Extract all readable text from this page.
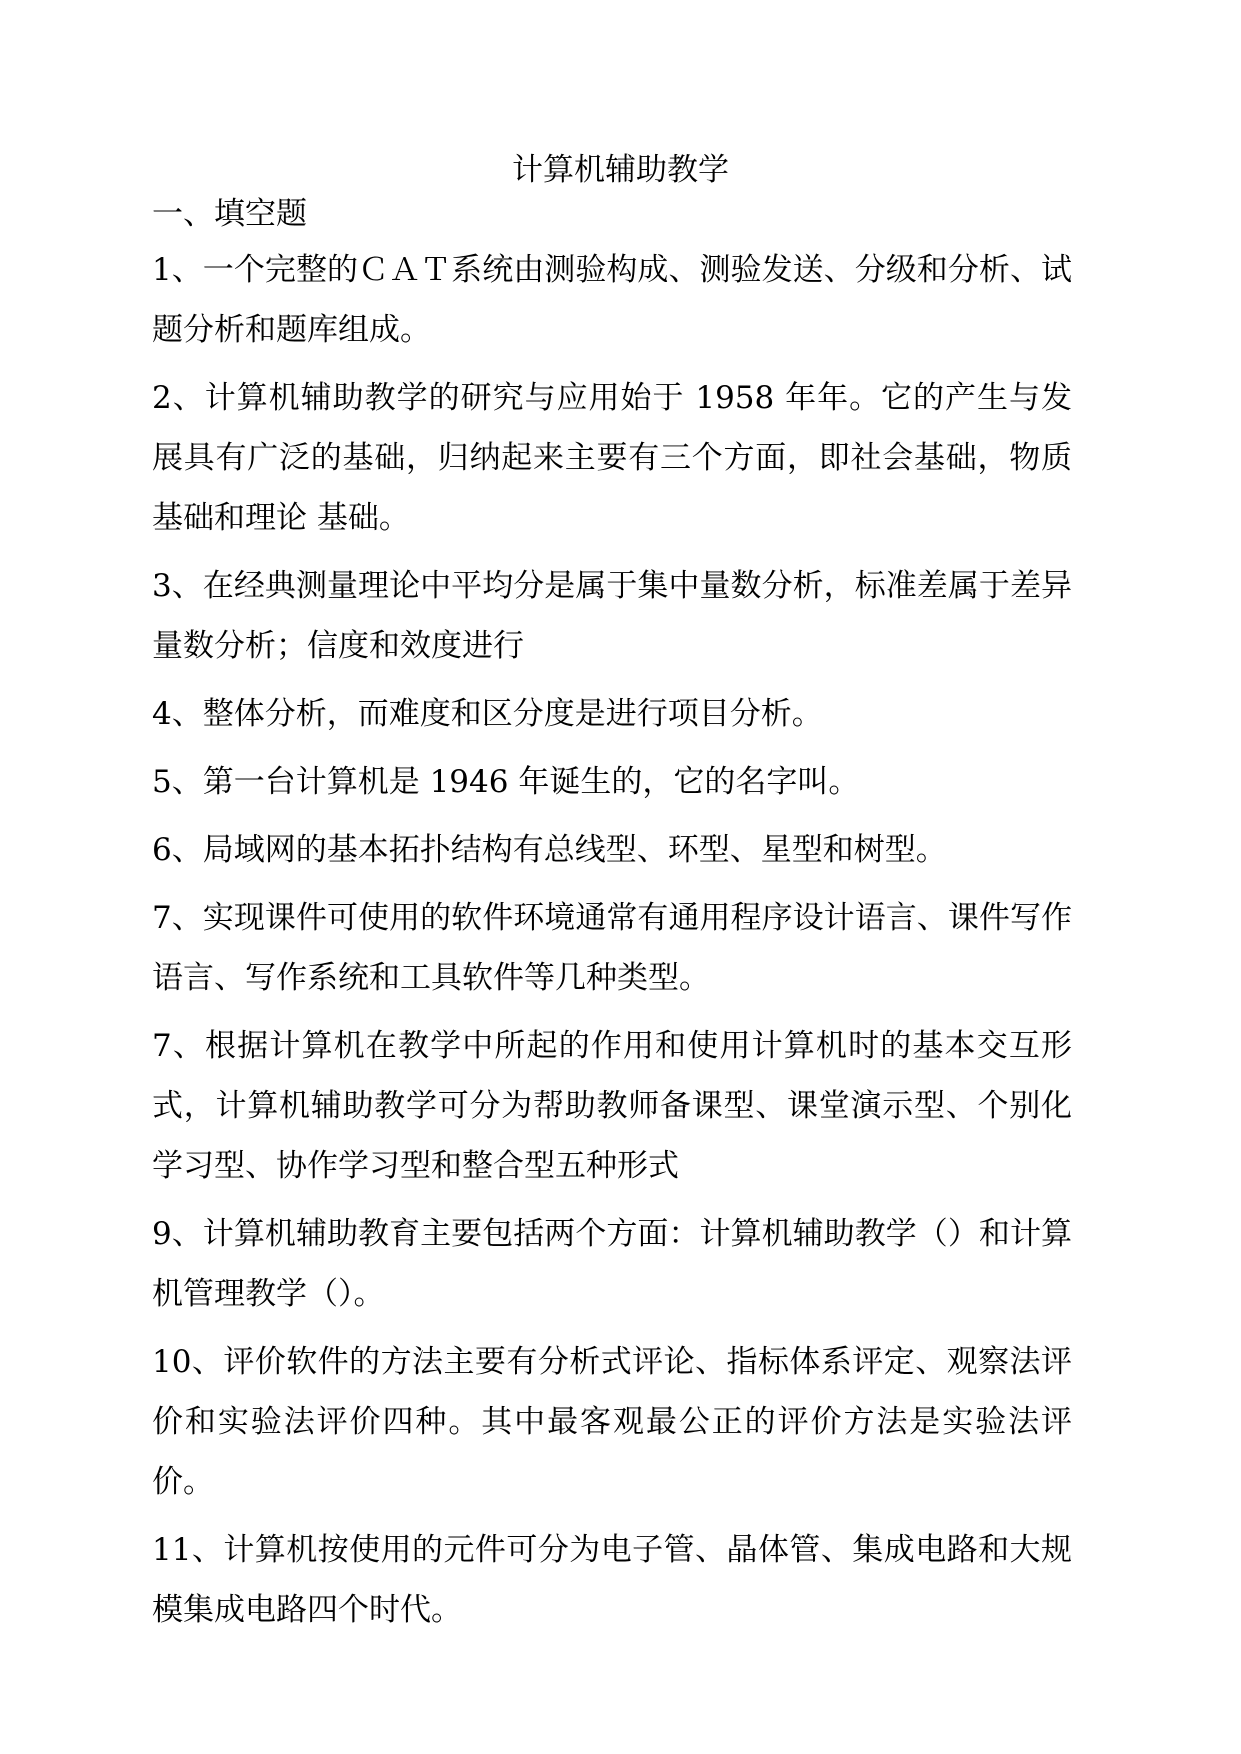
计算机辅助教学
一、填空题

1、一个完整的ＣＡＴ系统由测验构成、测验发送、分级和分析、试题分析和题库组成。

2、计算机辅助教学的研究与应用始于 1958 年年。它的产生与发展具有广泛的基础，归纳起来主要有三个方面，即社会基础，物质基础和理论 基础。

3、在经典测量理论中平均分是属于集中量数分析，标准差属于差异量数分析；信度和效度进行

4、整体分析，而难度和区分度是进行项目分析。

5、第一台计算机是 1946 年诞生的，它的名字叫。

6、局域网的基本拓扑结构有总线型、环型、星型和树型。

7、实现课件可使用的软件环境通常有通用程序设计语言、课件写作语言、写作系统和工具软件等几种类型。

7、根据计算机在教学中所起的作用和使用计算机时的基本交互形式，计算机辅助教学可分为帮助教师备课型、课堂演示型、个别化学习型、协作学习型和整合型五种形式

9、计算机辅助教育主要包括两个方面：计算机辅助教学（）和计算机管理教学（）。

10、评价软件的方法主要有分析式评论、指标体系评定、观察法评价和实验法评价四种。其中最客观最公正的评价方法是实验法评价。

11、计算机按使用的元件可分为电子管、晶体管、集成电路和大规模集成电路四个时代。
